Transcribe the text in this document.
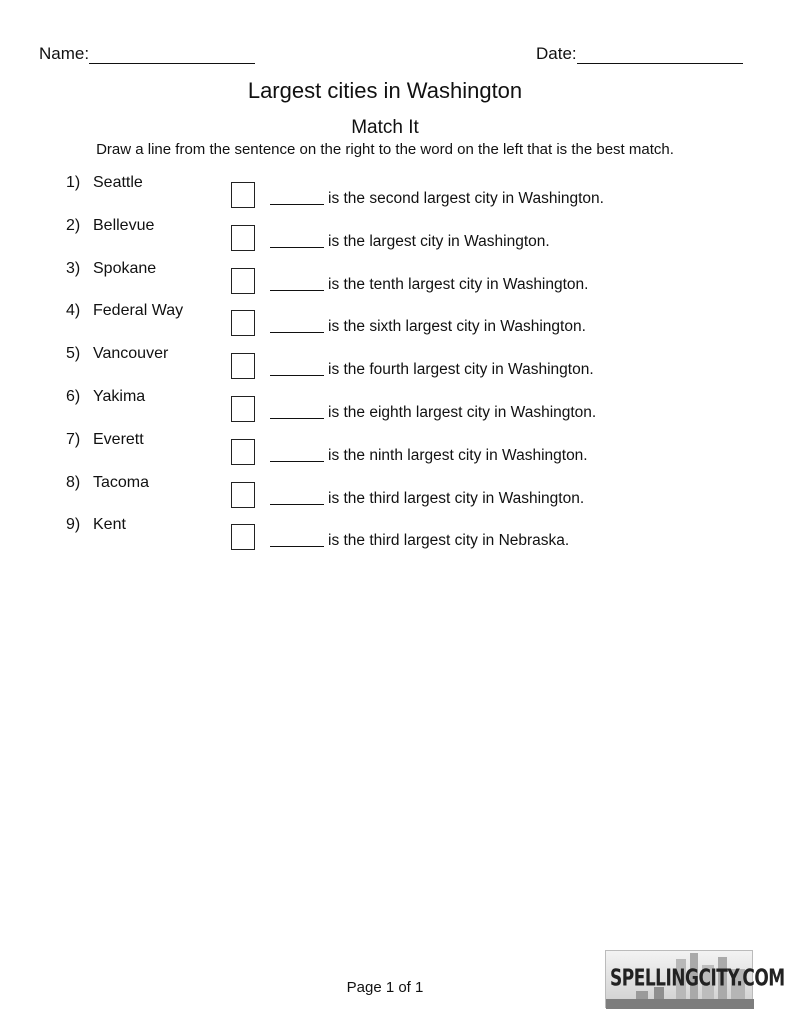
Name:	Date:
Largest cities in Washington
Match It
Draw a line from the sentence on the right to the word on the left that is the best match.
1) Seattle
2) Bellevue
3) Spokane
4) Federal Way
5) Vancouver
6) Yakima
7) Everett
8) Tacoma
9) Kent
is the second largest city in Washington.
is the largest city in Washington.
is the tenth largest city in Washington.
is the sixth largest city in Washington.
is the fourth largest city in Washington.
is the eighth largest city in Washington.
is the ninth largest city in Washington.
is the third largest city in Washington.
is the third largest city in Nebraska.
Page 1 of 1	SPELLINGCITY.COM
